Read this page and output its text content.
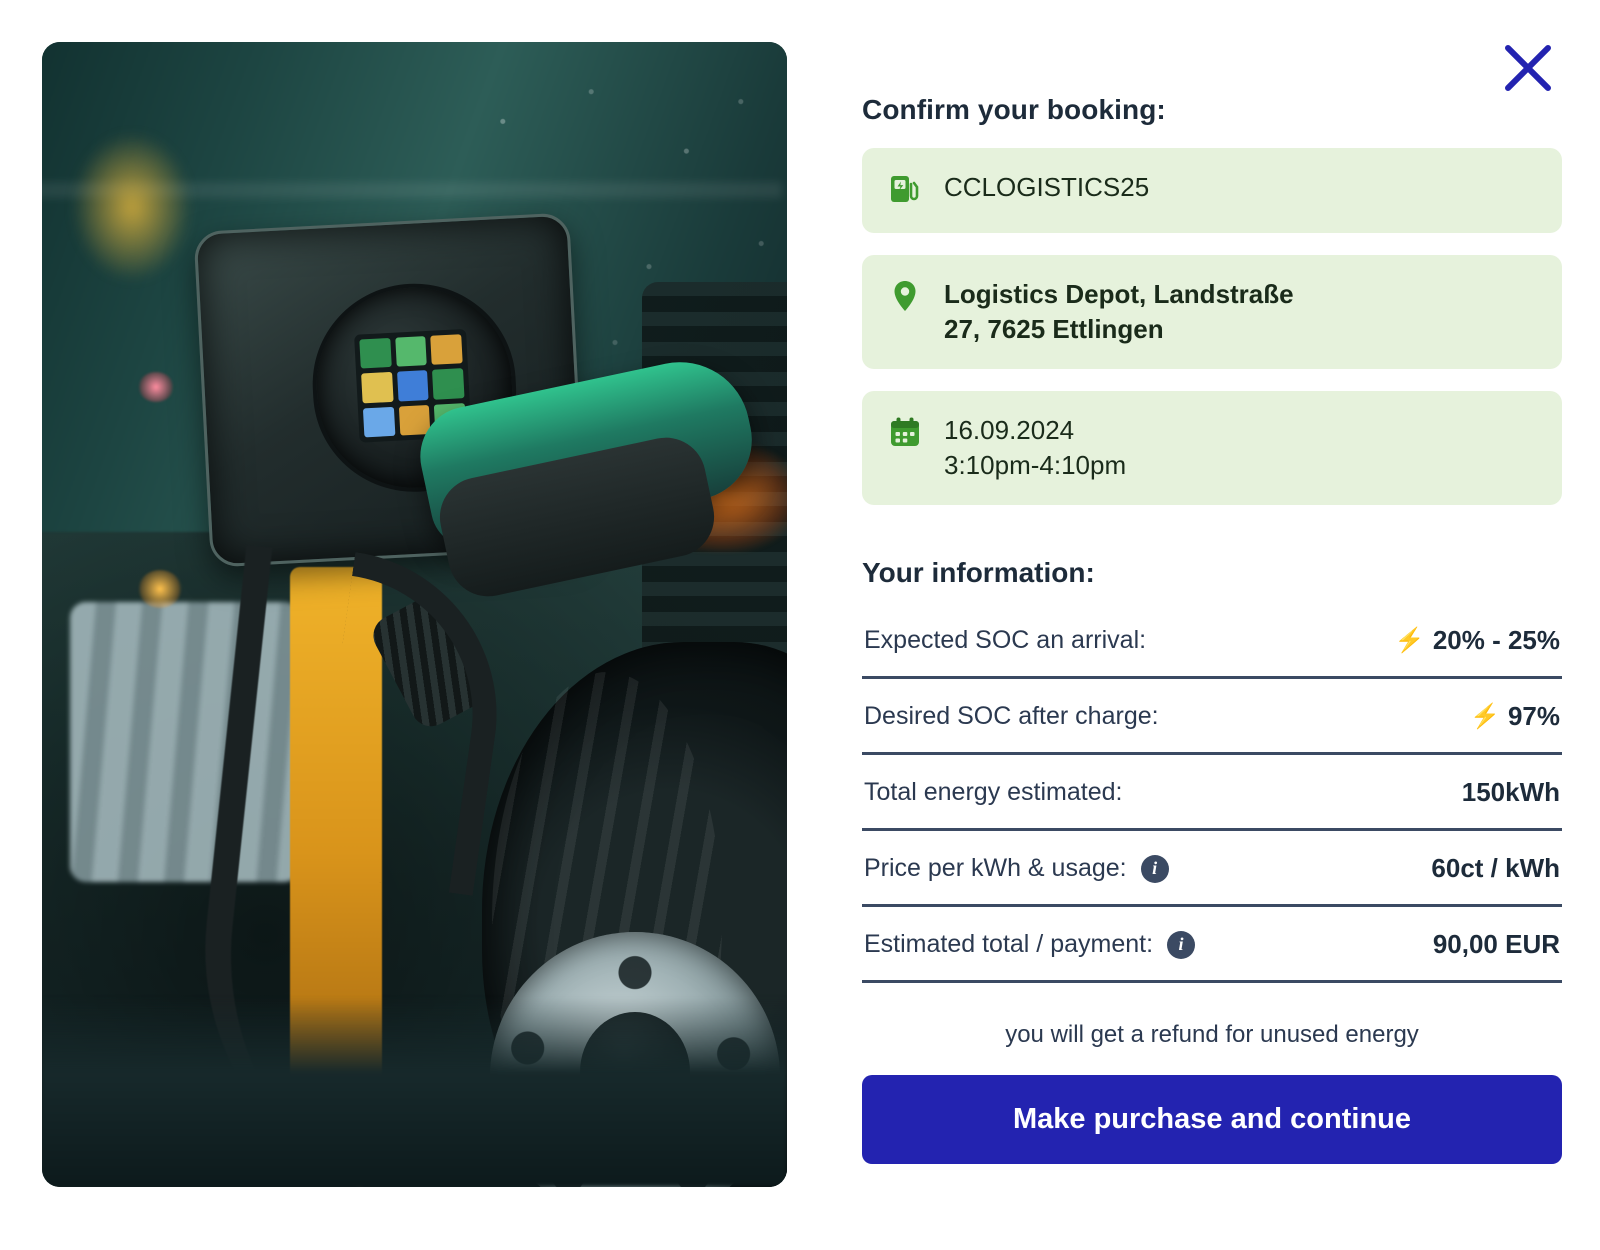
Confirm your booking:
CCLOGISTICS25
Logistics Depot, Landstraße
27, 7625 Ettlingen
16.09.2024
3:10pm-4:10pm
Your information:
Expected SOC an arrival:	⚡ 20% - 25%
Desired SOC after charge:	⚡ 97%
Total energy estimated:	150kWh
Price per kWh & usage:	i	60ct / kWh
Estimated total / payment:	i	90,00 EUR
you will get a refund for unused energy
Make purchase and continue
